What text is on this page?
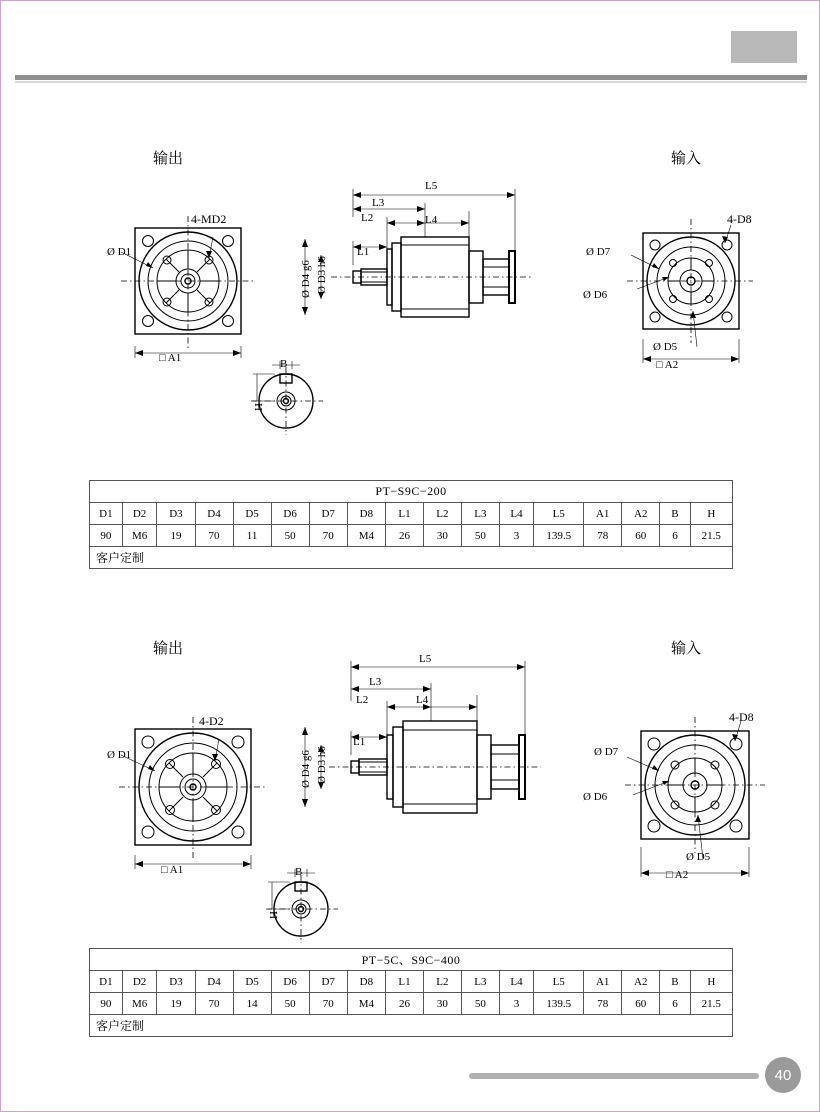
输出	输入
Ø D1
4-MD2
□ A1	B
H
L5
L3
L2	L4
L1
Ø D4 g6 Ø D3 h6
Ø D7
Ø D6
Ø D5
□ A2
4-D8
PT−S9C−200																
D1	D2	D3	D4	D5	D6	D7	D8	L1	L2	L3	L4	L5	A1	A2	B	H
90	M6	19	70	11	50	70	M4	26	30	50	3	139.5	78	60	6	21.5
客户定制																
输出	输入
Ø D1
4-D2
□ A1	B
H
L5
L3
L2	L4
L1
Ø D4 g6 Ø D3 h6	Ø D7
Ø D6
Ø D5
□ A2
4-D8
PT−5C、S9C−400																
D1	D2	D3	D4	D5	D6	D7	D8	L1	L2	L3	L4	L5	A1	A2	B	H
90	M6	19	70	14	50	70	M4	26	30	50	3	139.5	78	60	6	21.5
客户定制																
40
